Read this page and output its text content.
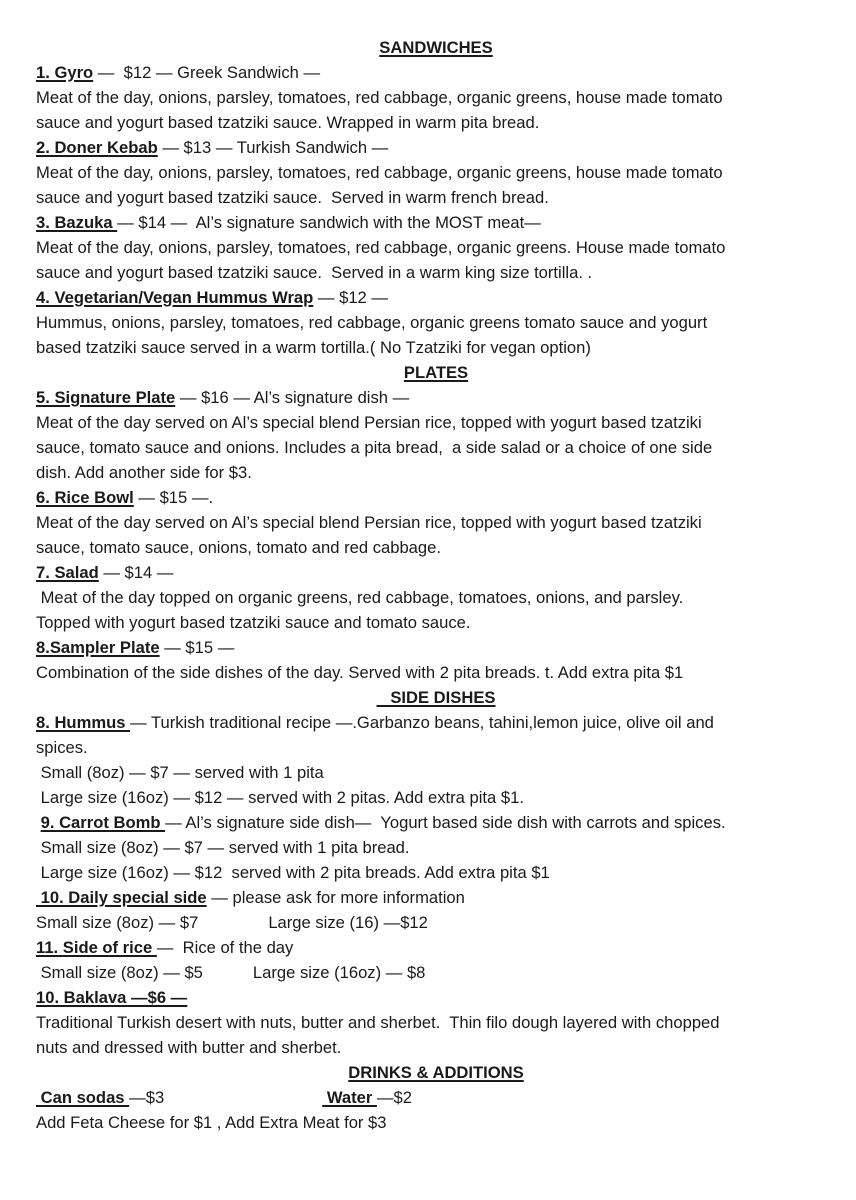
SANDWICHES
1. Gyro —  $12 — Greek Sandwich —
Meat of the day, onions, parsley, tomatoes, red cabbage, organic greens, house made tomato
sauce and yogurt based tzatziki sauce. Wrapped in warm pita bread.
2. Doner Kebab — $13 — Turkish Sandwich —
Meat of the day, onions, parsley, tomatoes, red cabbage, organic greens, house made tomato
sauce and yogurt based tzatziki sauce.  Served in warm french bread.
3. Bazuka — $14 —  Al’s signature sandwich with the MOST meat—
Meat of the day, onions, parsley, tomatoes, red cabbage, organic greens. House made tomato
sauce and yogurt based tzatziki sauce.  Served in a warm king size tortilla. .
4. Vegetarian/Vegan Hummus Wrap — $12 —
Hummus, onions, parsley, tomatoes, red cabbage, organic greens tomato sauce and yogurt
based tzatziki sauce served in a warm tortilla.( No Tzatziki for vegan option)
PLATES
5. Signature Plate — $16 — Al’s signature dish —
Meat of the day served on Al’s special blend Persian rice, topped with yogurt based tzatziki
sauce, tomato sauce and onions. Includes a pita bread,  a side salad or a choice of one side
dish. Add another side for $3.
6. Rice Bowl — $15 —.
Meat of the day served on Al’s special blend Persian rice, topped with yogurt based tzatziki
sauce, tomato sauce, onions, tomato and red cabbage.
7. Salad — $14 —
Meat of the day topped on organic greens, red cabbage, tomatoes, onions, and parsley.
Topped with yogurt based tzatziki sauce and tomato sauce.
8.Sampler Plate — $15 —
Combination of the side dishes of the day. Served with 2 pita breads. t. Add extra pita $1
SIDE DISHES
8. Hummus — Turkish traditional recipe —.Garbanzo beans, tahini,lemon juice, olive oil and
spices.
Small (8oz) — $7 — served with 1 pita
Large size (16oz) — $12 — served with 2 pitas. Add extra pita $1.
9. Carrot Bomb — Al’s signature side dish—  Yogurt based side dish with carrots and spices.
Small size (8oz) — $7 — served with 1 pita bread.
Large size (16oz) — $12  served with 2 pita breads. Add extra pita $1
10. Daily special side — please ask for more information
Small size (8oz) — $7	Large size (16) —$12
11. Side of rice —  Rice of the day
Small size (8oz) — $5	Large size (16oz) — $8
10. Baklava —$6 —
Traditional Turkish desert with nuts, butter and sherbet.  Thin filo dough layered with chopped
nuts and dressed with butter and sherbet.
DRINKS & ADDITIONS
Can sodas —$3	Water —$2
Add Feta Cheese for $1 , Add Extra Meat for $3
